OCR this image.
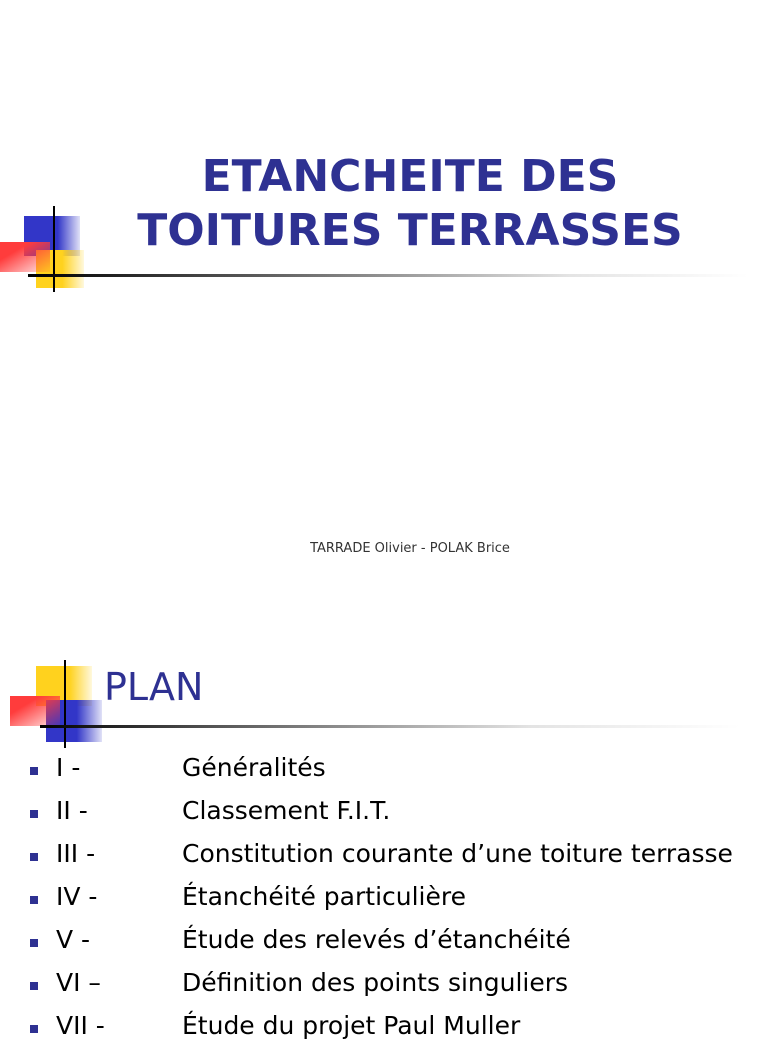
ETANCHEITE DES
TOITURES TERRASSES
TARRADE Olivier - POLAK Brice
PLAN
I -	Généralités
II -	Classement F.I.T.
III -	Constitution courante d’une toiture terrasse
IV -	Étanchéité particulière
V -	Étude des relevés d’étanchéité
VI –	Définition des points singuliers
VII -	Étude du projet Paul Muller
